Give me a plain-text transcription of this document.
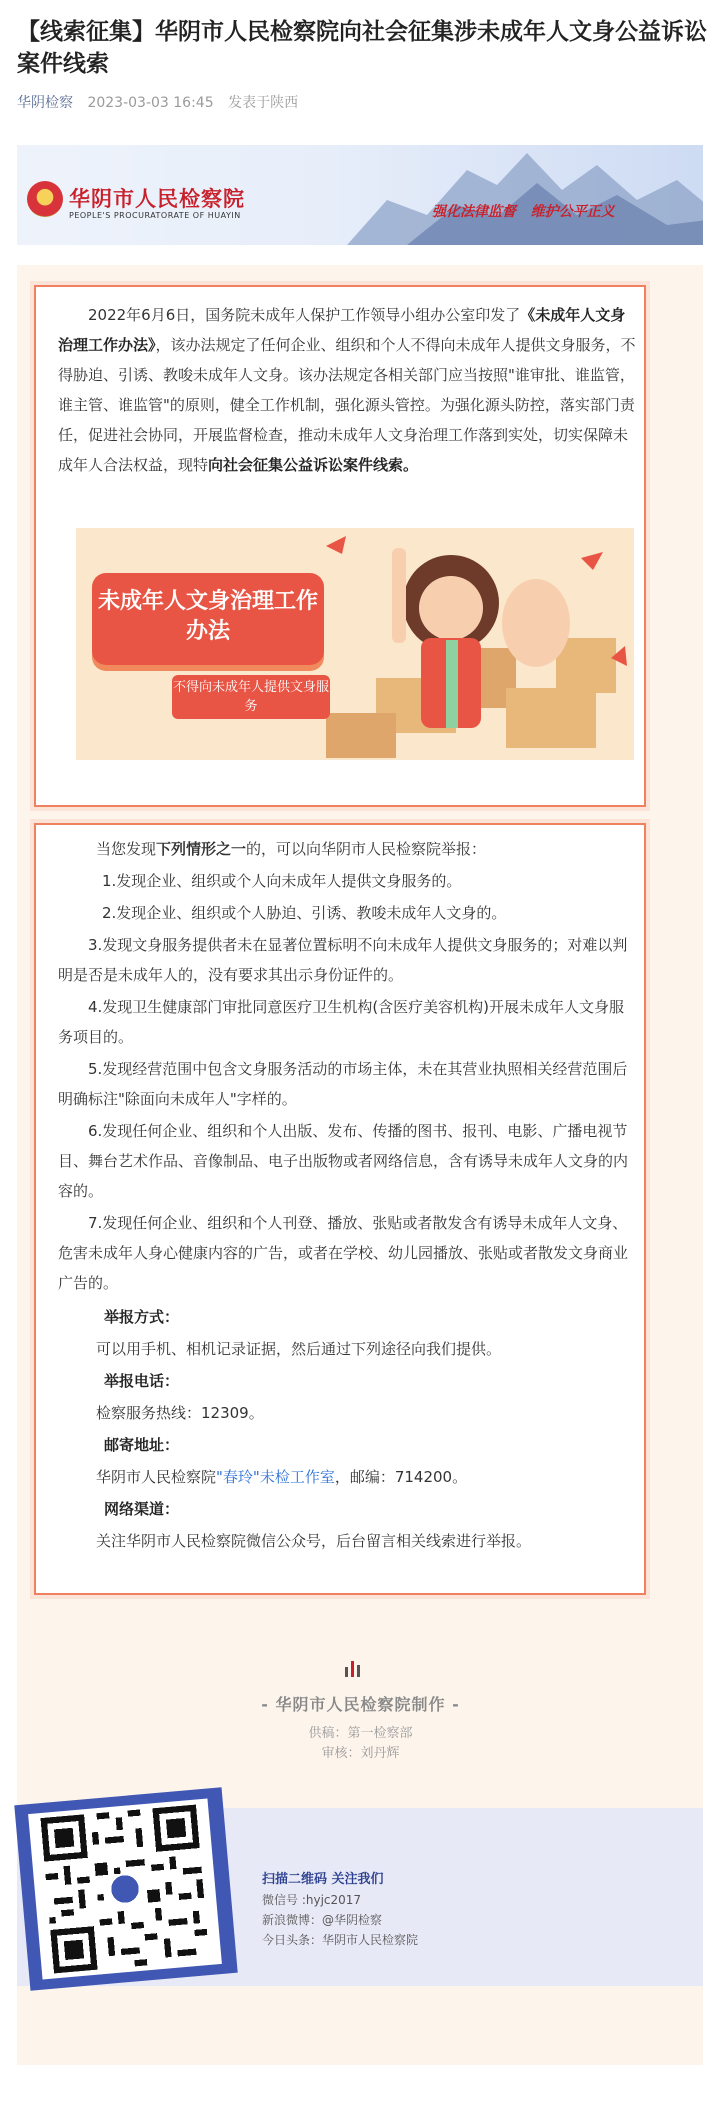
【线索征集】华阴市人民检察院向社会征集涉未成年人文身公益诉讼案件线索
华阴检察 2023-03-03 16:45 发表于陕西
华阴市人民检察院
PEOPLE'S PROCURATORATE OF HUAYIN	强化法律监督   维护公平正义
2022年6月6日，国务院未成年人保护工作领导小组办公室印发了《未成年人文身治理工作办法》，该办法规定了任何企业、组织和个人不得向未成年人提供文身服务，不得胁迫、引诱、教唆未成年人文身。该办法规定各相关部门应当按照"谁审批、谁监管，谁主管、谁监管"的原则，健全工作机制，强化源头管控。为强化源头防控，落实部门责任，促进社会协同，开展监督检查，推动未成年人文身治理工作落到实处，切实保障未成年人合法权益，现特向社会征集公益诉讼案件线索。
未成年人文身治理工作办法
不得向未成年人提供文身服务
当您发现下列情形之一的，可以向华阴市人民检察院举报：
1.发现企业、组织或个人向未成年人提供文身服务的。
2.发现企业、组织或个人胁迫、引诱、教唆未成年人文身的。
3.发现文身服务提供者未在显著位置标明不向未成年人提供文身服务的；对难以判明是否是未成年人的，没有要求其出示身份证件的。
4.发现卫生健康部门审批同意医疗卫生机构(含医疗美容机构)开展未成年人文身服务项目的。
5.发现经营范围中包含文身服务活动的市场主体，未在其营业执照相关经营范围后明确标注"除面向未成年人"字样的。
6.发现任何企业、组织和个人出版、发布、传播的图书、报刊、电影、广播电视节目、舞台艺术作品、音像制品、电子出版物或者网络信息，含有诱导未成年人文身的内容的。
7.发现任何企业、组织和个人刊登、播放、张贴或者散发含有诱导未成年人文身、危害未成年人身心健康内容的广告，或者在学校、幼儿园播放、张贴或者散发文身商业广告的。
举报方式：
可以用手机、相机记录证据，然后通过下列途径向我们提供。
举报电话：
检察服务热线：12309。
邮寄地址：
华阴市人民检察院"春玲"未检工作室，邮编：714200。
网络渠道：
关注华阴市人民检察院微信公众号，后台留言相关线索进行举报。
- 华阴市人民检察院制作 -
供稿：第一检察部
审核：刘丹辉
扫描二维码 关注我们
微信号 :hyjc2017
新浪微博：@华阴检察
今日头条：华阴市人民检察院
